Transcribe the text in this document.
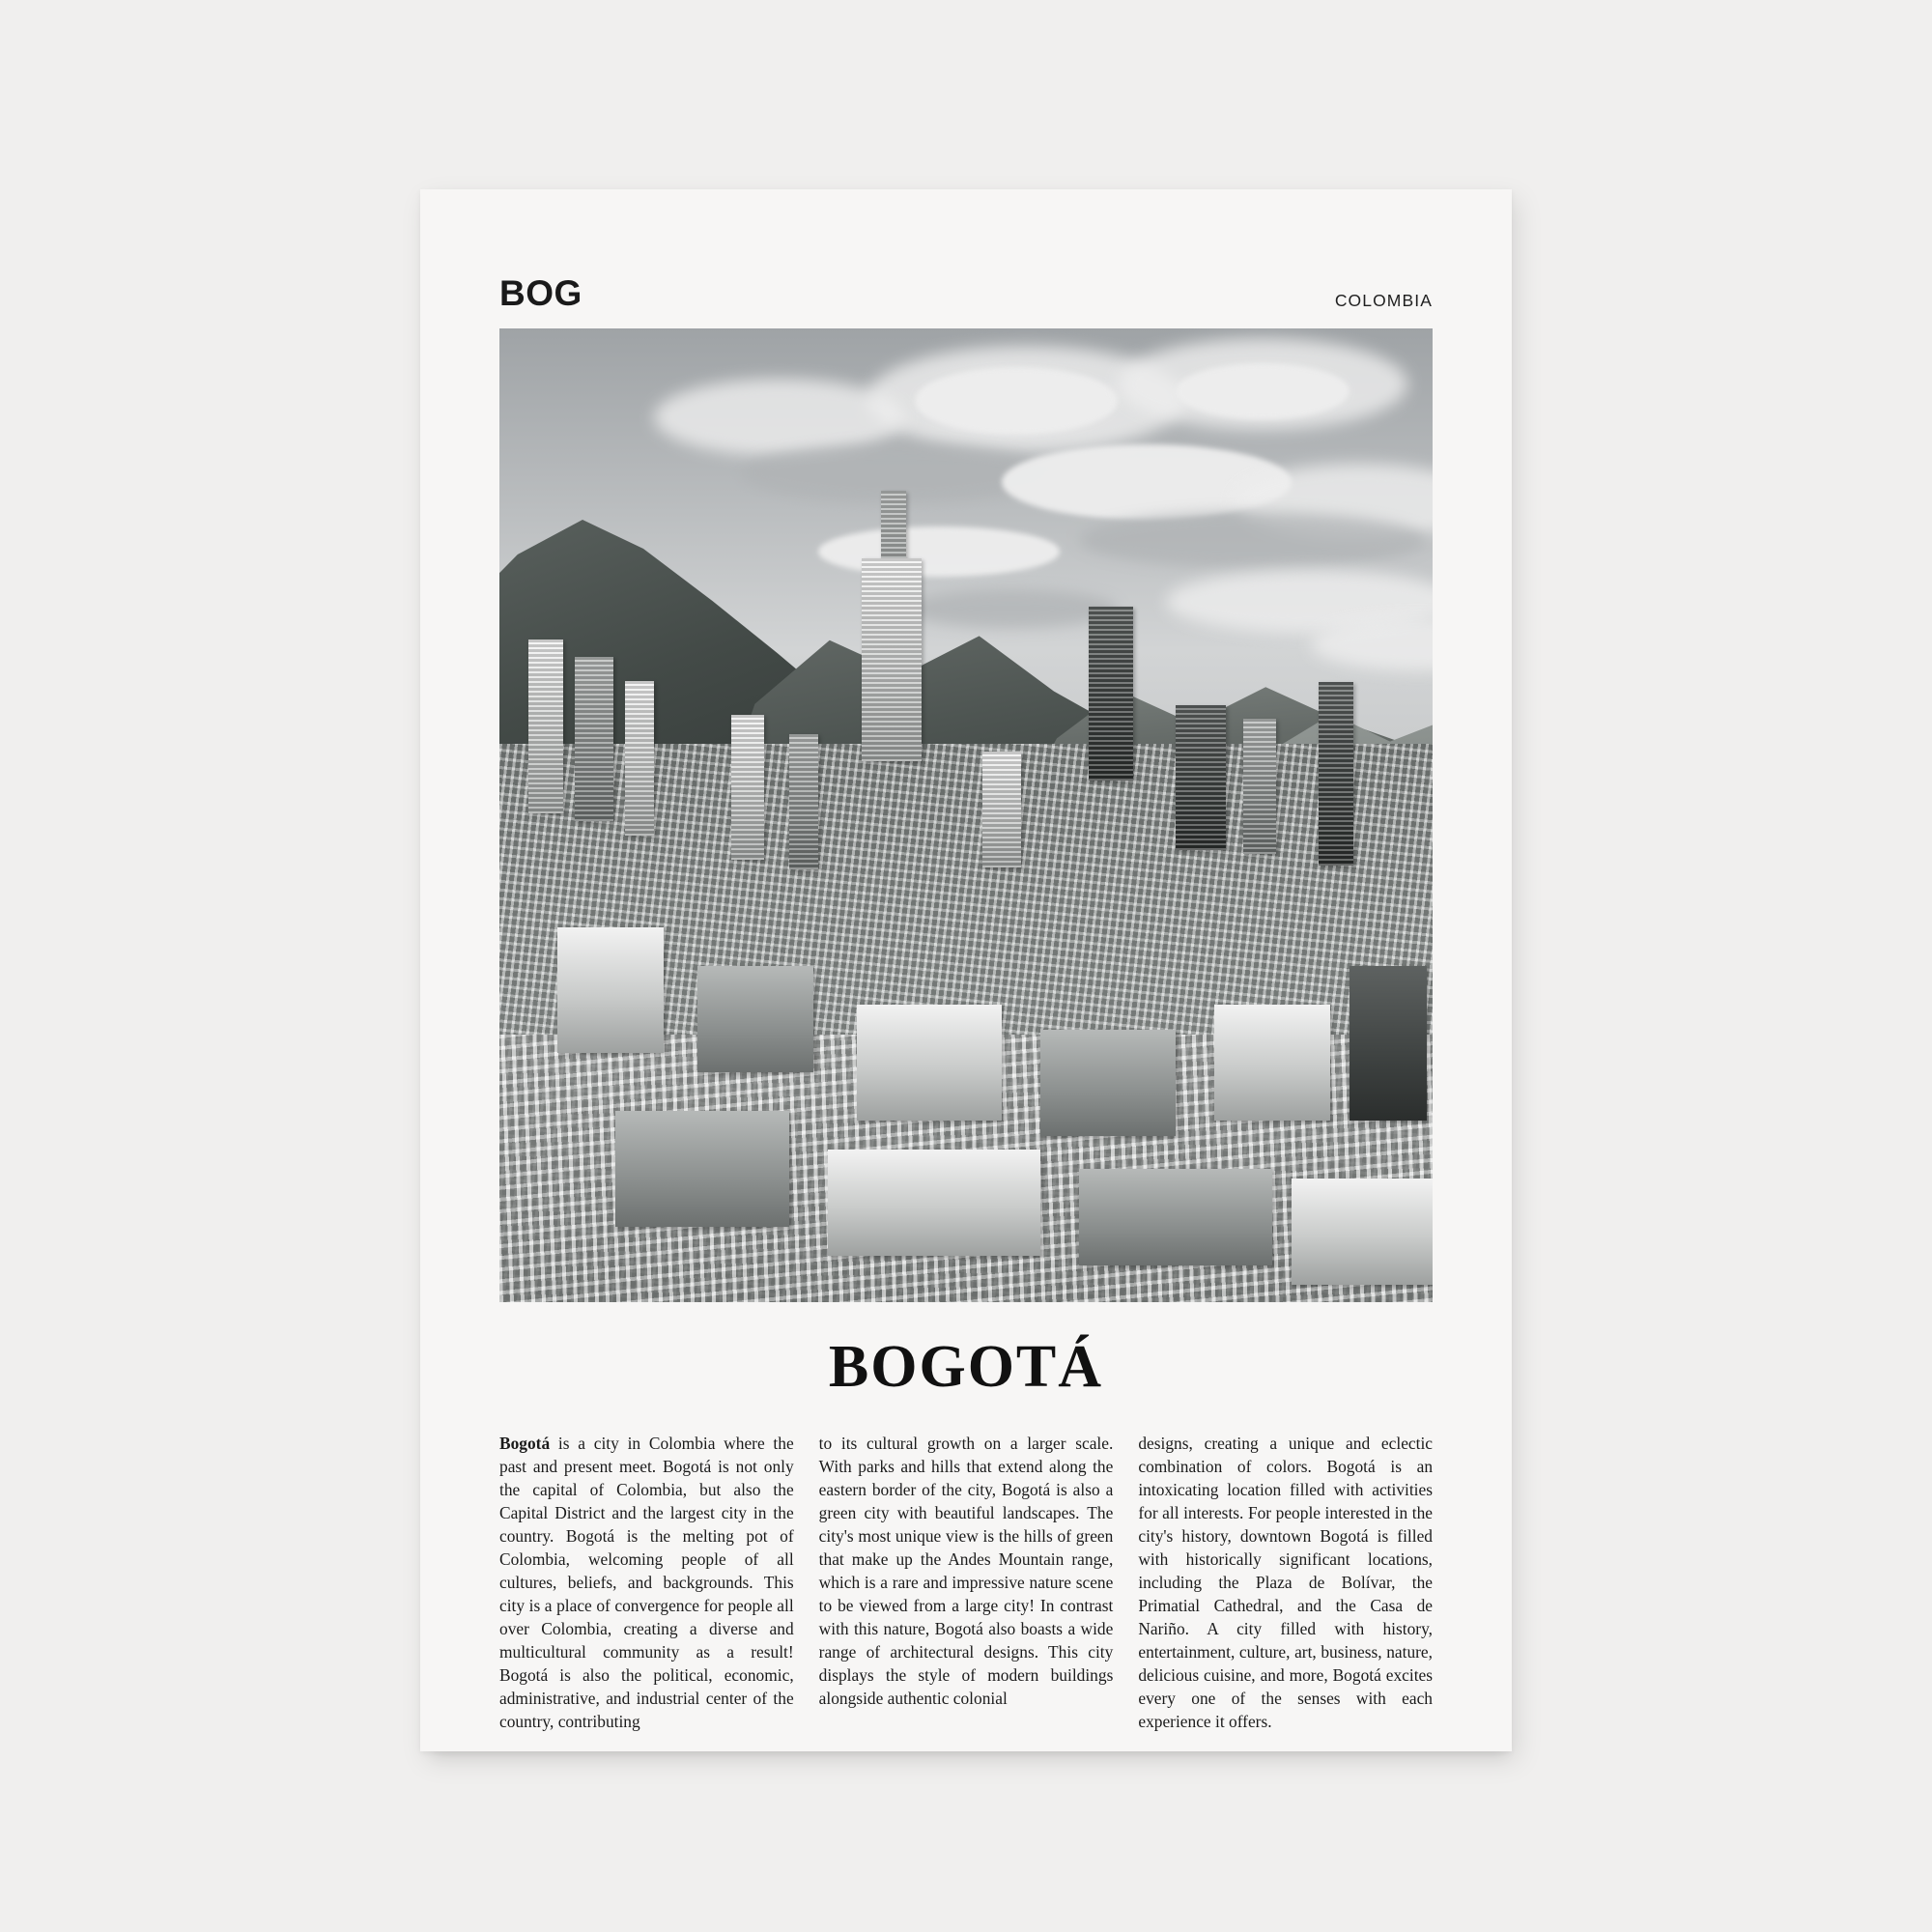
BOG	COLOMBIA
BOGOTÁ
Bogotá is a city in Colombia where the past and present meet. Bogotá is not only the capital of Colombia, but also the Capital District and the largest city in the country. Bogotá is the melting pot of Colombia, welcoming people of all cultures, beliefs, and backgrounds. This city is a place of convergence for people all over Colombia, creating a diverse and multicultural community as a result! Bogotá is also the political, economic, administrative, and industrial center of the country, contributing
to its cultural growth on a larger scale. With parks and hills that extend along the eastern border of the city, Bogotá is also a green city with beautiful landscapes. The city's most unique view is the hills of green that make up the Andes Mountain range, which is a rare and impressive nature scene to be viewed from a large city! In contrast with this nature, Bogotá also boasts a wide range of architectural designs. This city displays the style of modern buildings alongside authentic colonial
designs, creating a unique and eclectic combination of colors. Bogotá is an intoxicating location filled with activities for all interests. For people interested in the city's history, downtown Bogotá is filled with historically significant locations, including the Plaza de Bolívar, the Primatial Cathedral, and the Casa de Nariño. A city filled with history, entertainment, culture, art, business, nature, delicious cuisine, and more, Bogotá excites every one of the senses with each experience it offers.
